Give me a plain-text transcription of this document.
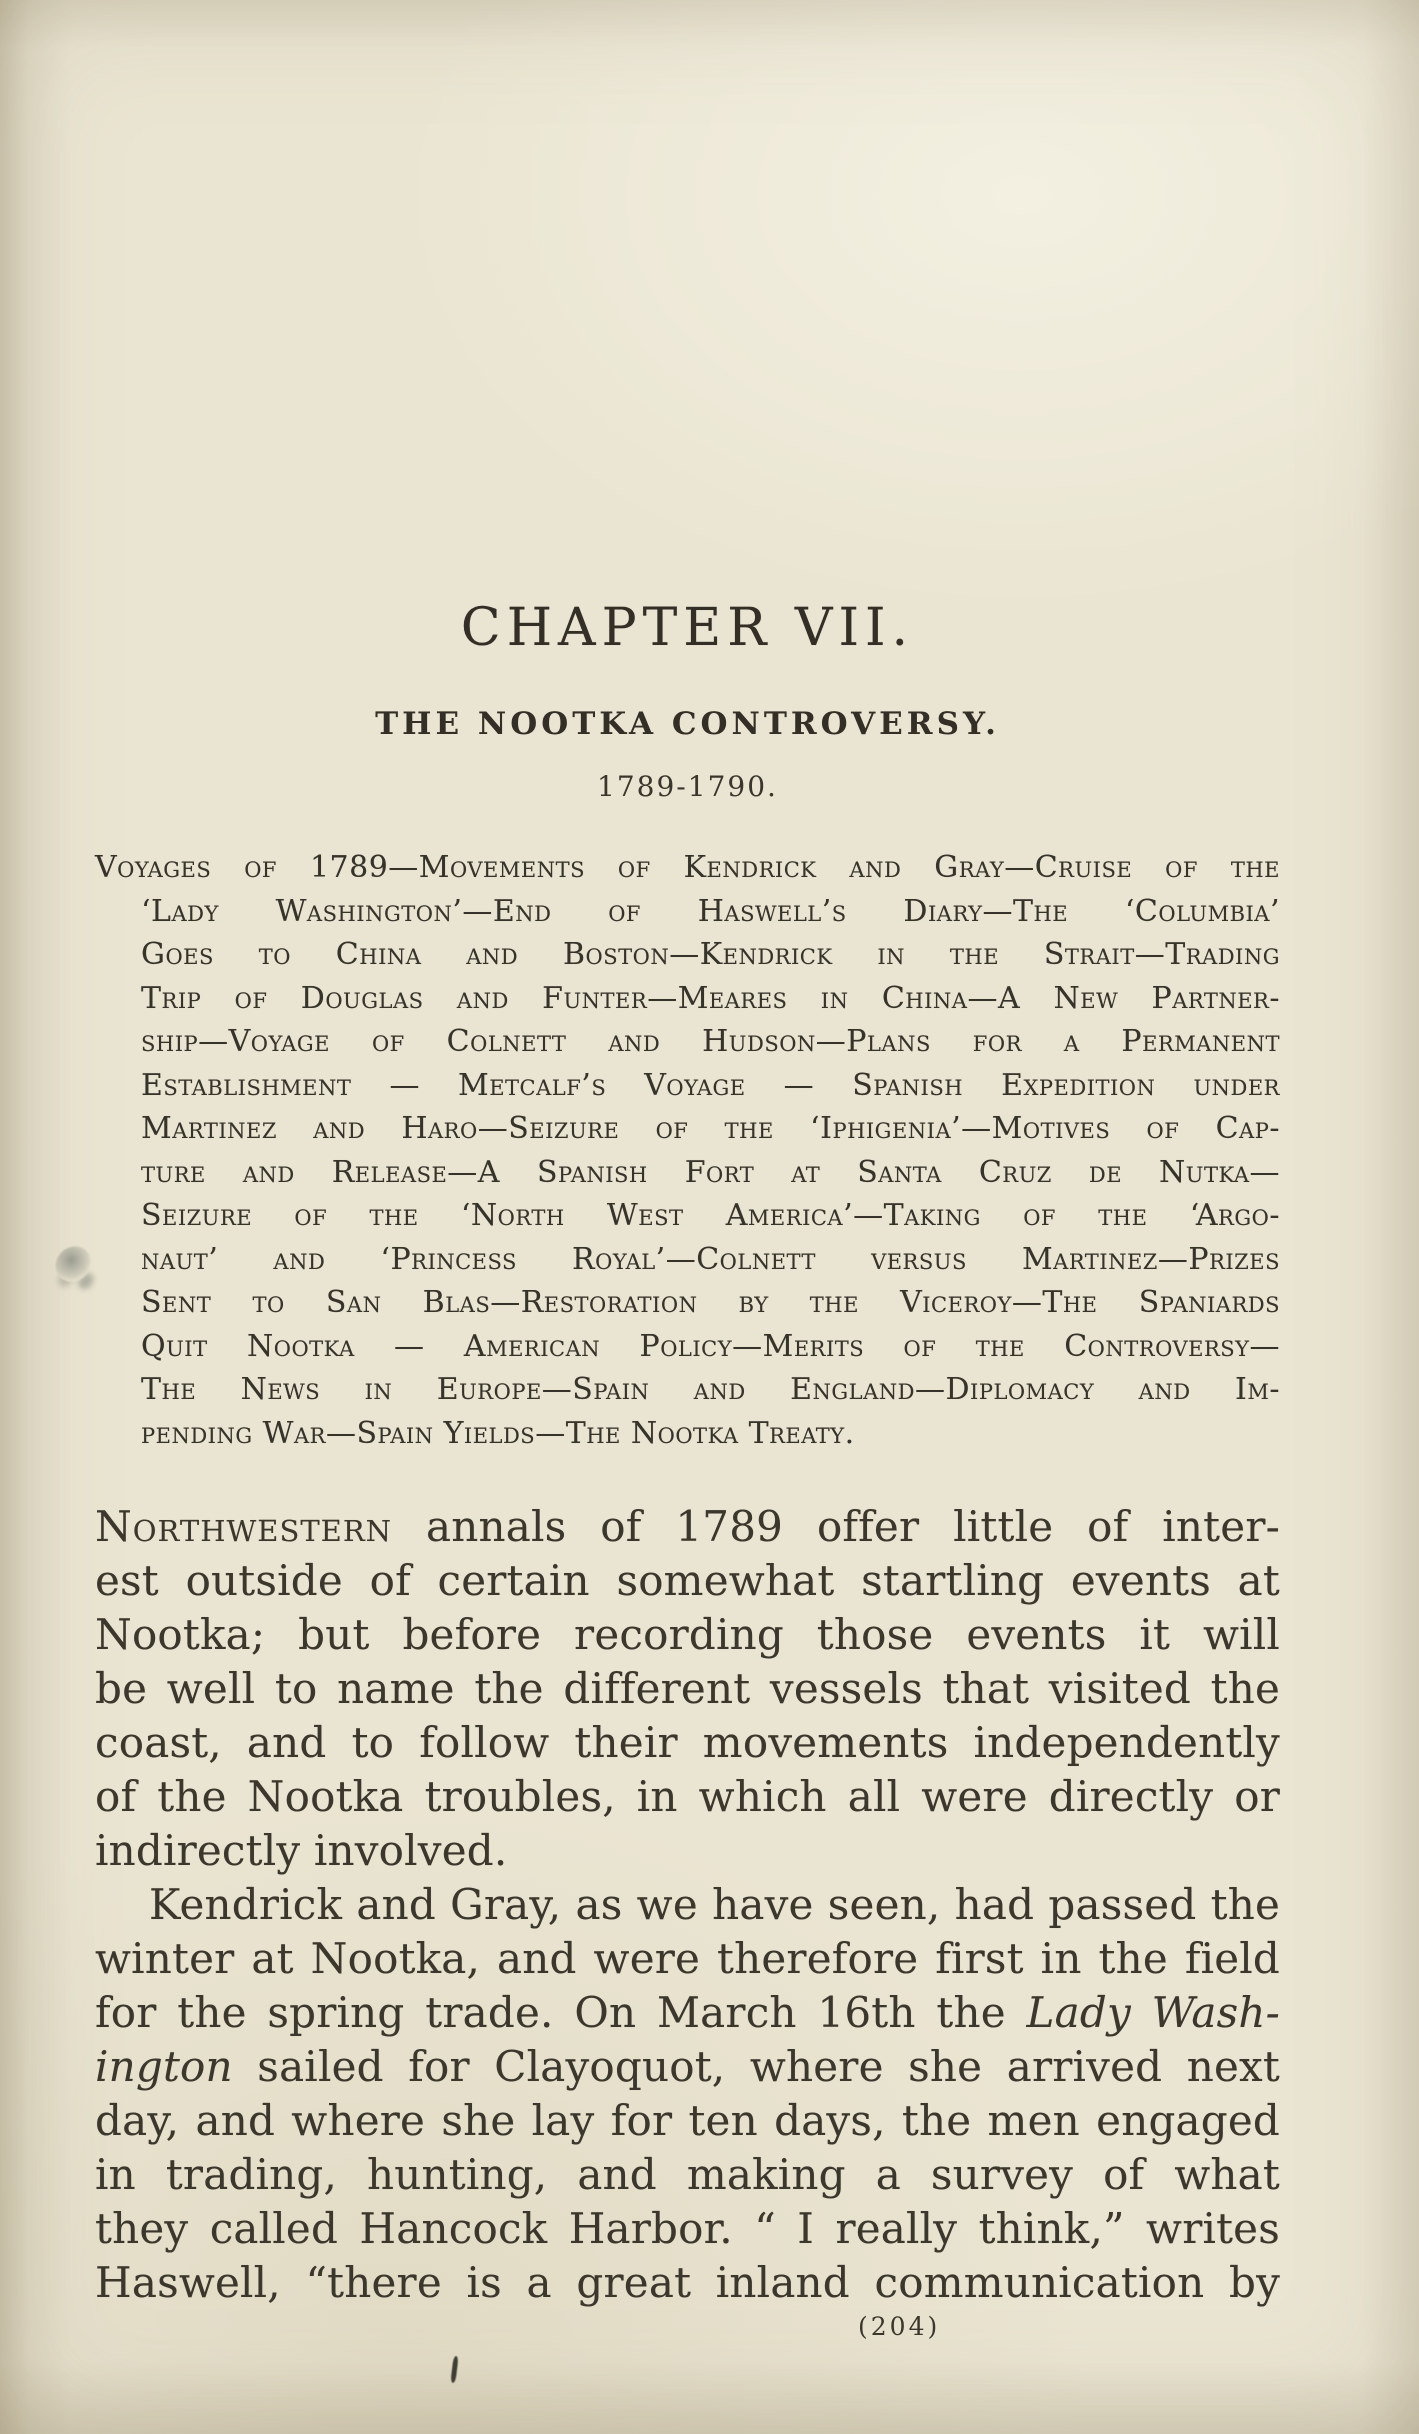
CHAPTER VII.
THE NOOTKA CONTROVERSY.
1789-1790.
Voyages of 1789—Movements of Kendrick and Gray—Cruise of the
‘Lady Washington’—End of Haswell’s Diary—The ‘Columbia’
Goes to China and Boston—Kendrick in the Strait—Trading
Trip of Douglas and Funter—Meares in China—A New Partner-
ship—Voyage of Colnett and Hudson—Plans for a Permanent
Establishment — Metcalf’s Voyage — Spanish Expedition under
Martinez and Haro—Seizure of the ‘Iphigenia’—Motives of Cap-
ture and Release—A Spanish Fort at Santa Cruz de Nutka—
Seizure of the ‘North West America’—Taking of the ‘Argo-
naut’ and ‘Princess Royal’—Colnett versus Martinez—Prizes
Sent to San Blas—Restoration by the Viceroy—The Spaniards
Quit Nootka — American Policy—Merits of the Controversy—
The News in Europe—Spain and England—Diplomacy and Im-
pending War—Spain Yields—The Nootka Treaty.
Northwestern annals of 1789 offer little of inter-
est outside of certain somewhat startling events at
Nootka; but before recording those events it will
be well to name the different vessels that visited the
coast, and to follow their movements independently
of the Nootka troubles, in which all were directly or
indirectly involved.
Kendrick and Gray, as we have seen, had passed the
winter at Nootka, and were therefore first in the field
for the spring trade. On March 16th the Lady Wash-
ington sailed for Clayoquot, where she arrived next
day, and where she lay for ten days, the men engaged
in trading, hunting, and making a survey of what
they called Hancock Harbor. “ I really think,” writes
Haswell, “there is a great inland communication by
(204)
